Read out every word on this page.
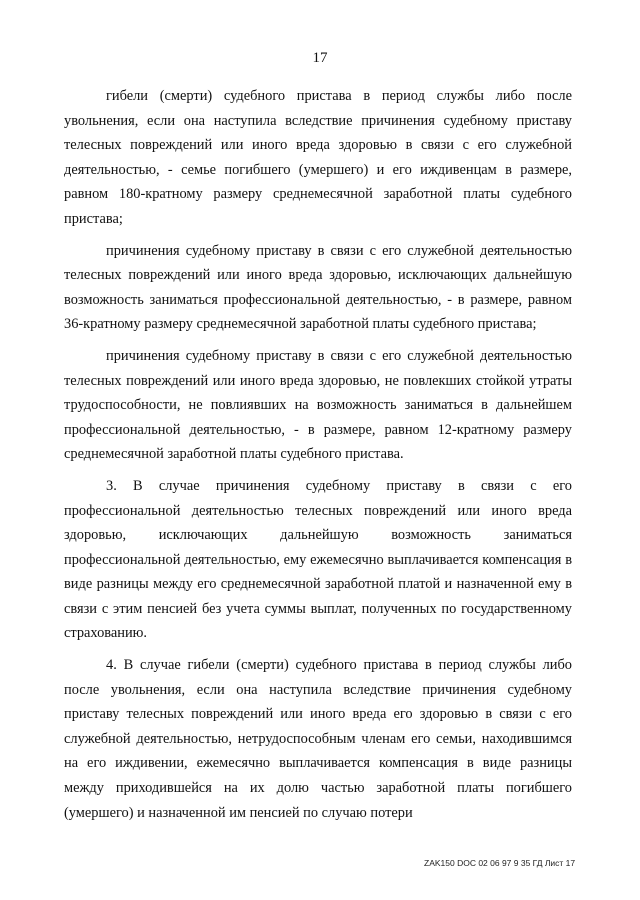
17

гибели (смерти) судебного пристава в период службы либо после увольнения, если она наступила вследствие причинения судебному приставу телесных повреждений или иного вреда здоровью в связи с его служебной деятельностью, - семье погибшего (умершего) и его иждивенцам в размере, равном 180-кратному размеру среднемесячной заработной платы судебного пристава;

причинения судебному приставу в связи с его служебной деятельностью телесных повреждений или иного вреда здоровью, исключающих дальнейшую возможность заниматься профессиональной деятельностью, - в размере, равном 36-кратному размеру среднемесячной заработной платы судебного пристава;

причинения судебному приставу в связи с его служебной деятельностью телесных повреждений или иного вреда здоровью, не повлекших стойкой утраты трудоспособности, не повлиявших на возможность заниматься в дальнейшем профессиональной деятельностью, - в размере, равном 12-кратному размеру среднемесячной заработной платы судебного пристава.

3. В случае причинения судебному приставу в связи с его профессиональной деятельностью телесных повреждений или иного вреда здоровью, исключающих дальнейшую возможность заниматься профессиональной деятельностью, ему ежемесячно выплачивается компенсация в виде разницы между его среднемесячной заработной платой и назначенной ему в связи с этим пенсией без учета суммы выплат, полученных по государственному страхованию.

4. В случае гибели (смерти) судебного пристава в период службы либо после увольнения, если она наступила вследствие причинения судебному приставу телесных повреждений или иного вреда его здоровью в связи с его служебной деятельностью, нетрудоспособным членам его семьи, находившимся на его иждивении, ежемесячно выплачивается компенсация в виде разницы между приходившейся на их долю частью заработной платы погибшего (умершего) и назначенной им пенсией по случаю потери

ZAK150 DOC 02 06 97 9 35 ГД Лист 17
